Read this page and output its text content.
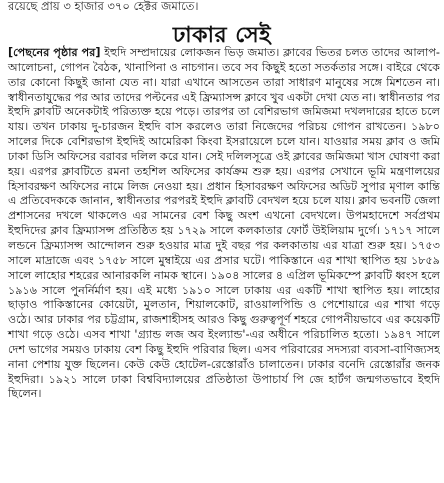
রয়েছে প্রায় ৩ হাজার ৩৭০ হেক্টর জমাতে।
ঢাকার সেই

[পেছনের পৃষ্ঠার পর] ইহুদি সম্প্রদায়ের লোকজন ভিড় জমাত। ক্লাবের ভিতর চলত তাদের আলাপ-আলোচনা, গোপন বৈঠক, খানাপিনা ও নাচগান। তবে সব কিছুই হতো সতর্কতার সঙ্গে। বাইরে থেকে তার কোনো কিছুই জানা যেত না। যারা এখানে আসতেন তারা সাধারণ মানুষের সঙ্গে মিশতেন না। স্বাধীনতাযুদ্ধের পর আর তাদের পল্টনের এই ফ্রিম্যাসন্স ক্লাবে খুব একটা দেখা যেত না। স্বাধীনতার পর ইহুদি ক্লাবটি অনেকটাই পরিত্যক্ত হয়ে পড়ে। তারপর তা বেশিরভাগ জমিজমা দখলদারের হাতে চলে যায়। তখন ঢাকায় দু-চারজন ইহুদি বাস করলেও তারা নিজেদের পরিচয় গোপন রাখতেন। ১৯৮০ সালের দিকে বেশিরভাগ ইহুদিই আমেরিকা কিংবা ইসরায়েলে চলে যান। যাওয়ার সময় ক্লাব ও জমি ঢাকা ডিসি অফিসের বরাবর দলিল করে যান। সেই দলিলসূত্রে ওই ক্লাবের জমিজমা খাস ঘোষণা করা হয়। এরপর ক্লাবটিতে রমনা তহশিল অফিসের কার্যক্রম শুরু হয়। এরপর সেখানে ভূমি মন্ত্রণালয়ের হিসাবরক্ষণ অফিসের নামে লিজ নেওয়া হয়। প্রধান হিসাবরক্ষণ অফিসের অডিট সুপার মৃণাল কান্তি এ প্রতিবেদককে জানান, স্বাধীনতার পরপরই ইহুদি ক্লাবটি বেদখল হয়ে চলে যায়। ক্লাব ভবনটি জেলা প্রশাসনের দখলে থাকলেও এর সামনের বেশ কিছু অংশ এখনো বেদখলে। উপমহাদেশে সর্বপ্রথম ইহুদিদের ক্লাব ফ্রিম্যাসন্স প্রতিষ্ঠিত হয় ১৭২৯ সালে কলকাতার ফোর্ট উইলিয়াম দুর্গে। ১৭১৭ সালে লন্ডনে ফ্রিম্যাসন্স আন্দোলন শুরু হওয়ার মাত্র দুই বছর পর কলকাতায় এর যাত্রা শুরু হয়। ১৭৫৩ সালে মাদ্রাজে এবং ১৭৫৮ সালে মুম্বাইয়ে এর প্রসার ঘটে। পাকিস্তানে এর শাখা স্থাপিত হয় ১৮৫৯ সালে লাহোর শহরের আনারকলি নামক স্থানে। ১৯০৪ সালের ৪ এপ্রিল ভূমিকম্পে ক্লাবটি ধ্বংস হলে ১৯১৬ সালে পুনর্নির্মাণ হয়। এই মধ্যে ১৯১০ সালে ঢাকায় এর একটি শাখা স্থাপিত হয়। লাহোর ছাড়াও পাকিস্তানের কোয়েটা, মুলতান, শিয়ালকোট, রাওয়ালপিন্ডি ও পেশোয়ারে এর শাখা গড়ে ওঠে। আর ঢাকার পর চট্টগ্রাম, রাজশাহীসহ আরও কিছু গুরুত্বপূর্ণ শহরে গোপনীয়ভাবে এর কয়েকটি শাখা গড়ে ওঠে। এসব শাখা 'গ্র্যান্ড লজ অব ইংল্যান্ড'-এর অধীনে পরিচালিত হতো। ১৯৪৭ সালে দেশ ভাগের সময়ও ঢাকায় বেশ কিছু ইহুদি পরিবার ছিল। এসব পরিবারের সদস্যরা ব্যবসা-বাণিজ্যসহ নানা পেশায় যুক্ত ছিলেন। কেউ কেউ হোটেল-রেস্তোরাঁও চালাতেন। ঢাকার বনেদি রেস্তোরাঁর জনক ইহুদিরা। ১৯২১ সালে ঢাকা বিশ্ববিদ্যালয়ের প্রতিষ্ঠাতা উপাচার্য পি জে হার্টগ জন্মগতভাবে ইহুদি ছিলেন।
